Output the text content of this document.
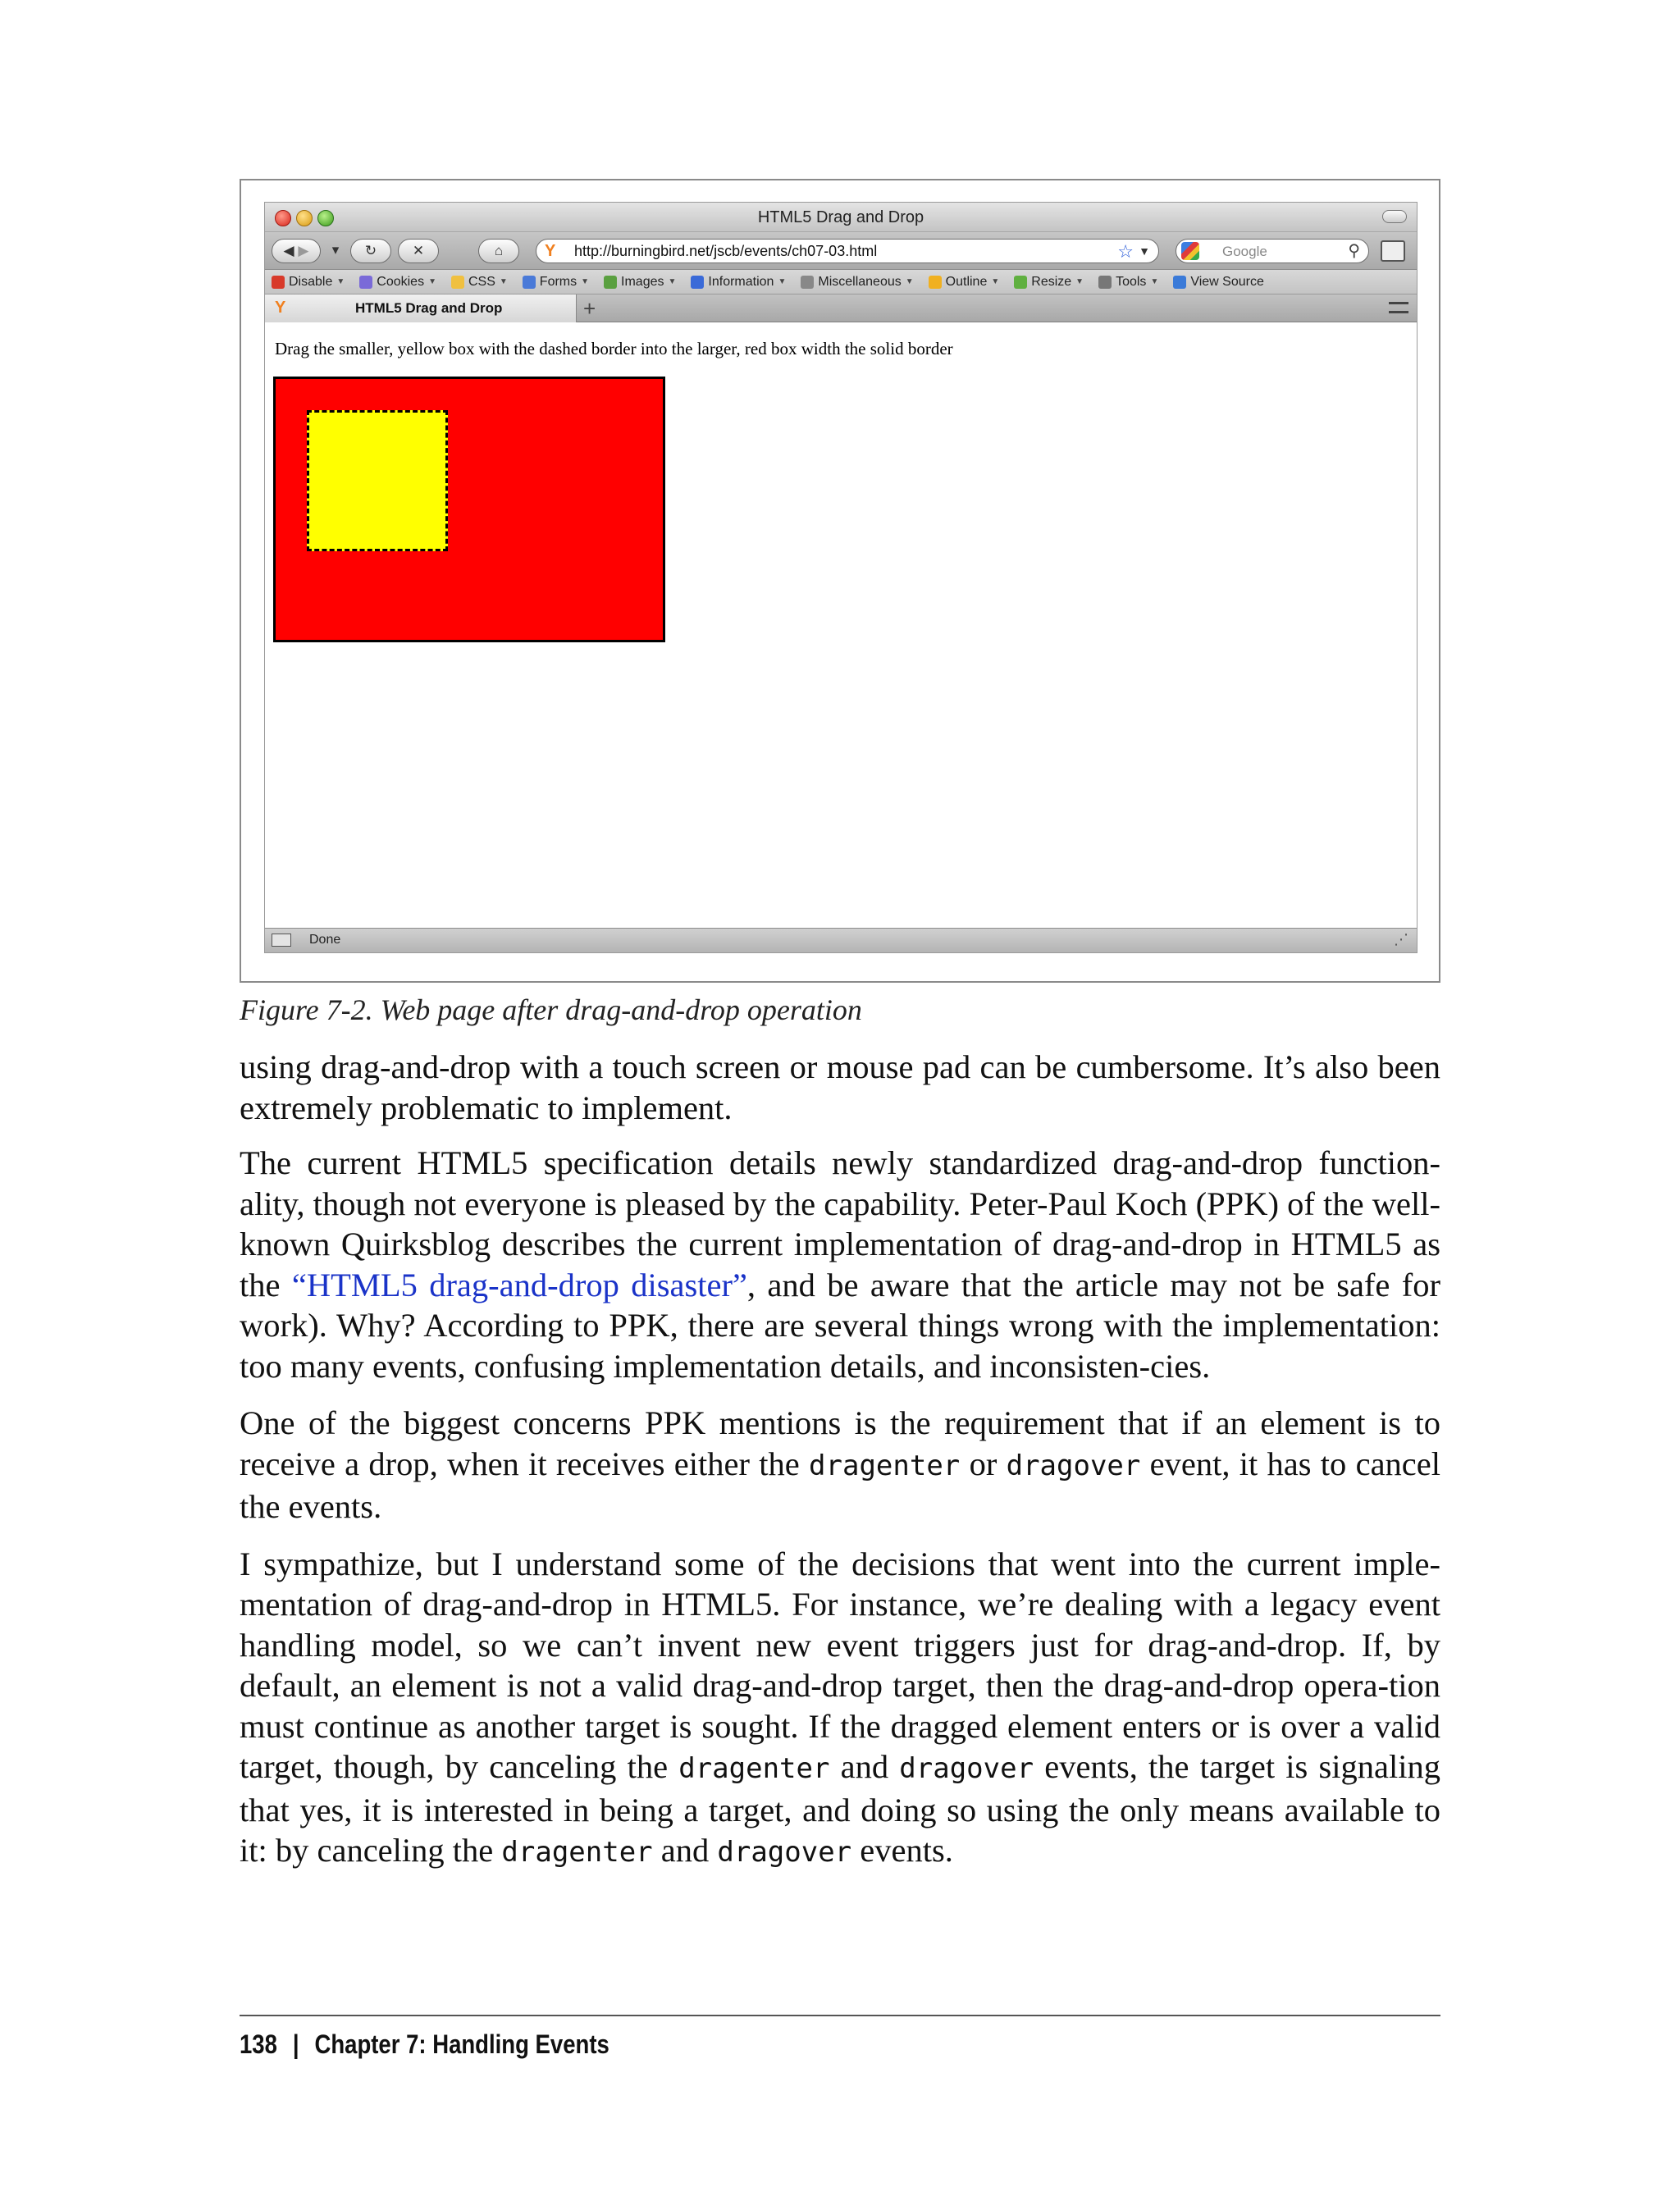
HTML5 Drag and Drop
◀ ▶	▾	↻	✕	⌂	Y	http://burningbird.net/jscb/events/ch07-03.html	☆ ▼	Google	⚲
Disable ▼ Cookies ▼ CSS ▼ Forms ▼ Images ▼ Information ▼ Miscellaneous ▼ Outline ▼ Resize ▼ Tools ▼ View Source
Y	HTML5 Drag and Drop	+
Drag the smaller, yellow box with the dashed border into the larger, red box width the solid border
Done	⋰
Figure 7-2. Web page after drag-and-drop operation

using drag-and-drop with a touch screen or mouse pad can be cumbersome. It’s also been extremely problematic to implement.

The current HTML5 specification details newly standardized drag-and-drop function-ality, though not everyone is pleased by the capability. Peter-Paul Koch (PPK) of the well-known Quirksblog describes the current implementation of drag-and-drop in HTML5 as the “HTML5 drag-and-drop disaster”, and be aware that the article may not be safe for work). Why? According to PPK, there are several things wrong with the implementation: too many events, confusing implementation details, and inconsisten-cies.

One of the biggest concerns PPK mentions is the requirement that if an element is to receive a drop, when it receives either the dragenter or dragover event, it has to cancel the events.

I sympathize, but I understand some of the decisions that went into the current imple-mentation of drag-and-drop in HTML5. For instance, we’re dealing with a legacy event handling model, so we can’t invent new event triggers just for drag-and-drop. If, by default, an element is not a valid drag-and-drop target, then the drag-and-drop opera-tion must continue as another target is sought. If the dragged element enters or is over a valid target, though, by canceling the dragenter and dragover events, the target is signaling that yes, it is interested in being a target, and doing so using the only means available to it: by canceling the dragenter and dragover events.

138 | Chapter 7: Handling Events
